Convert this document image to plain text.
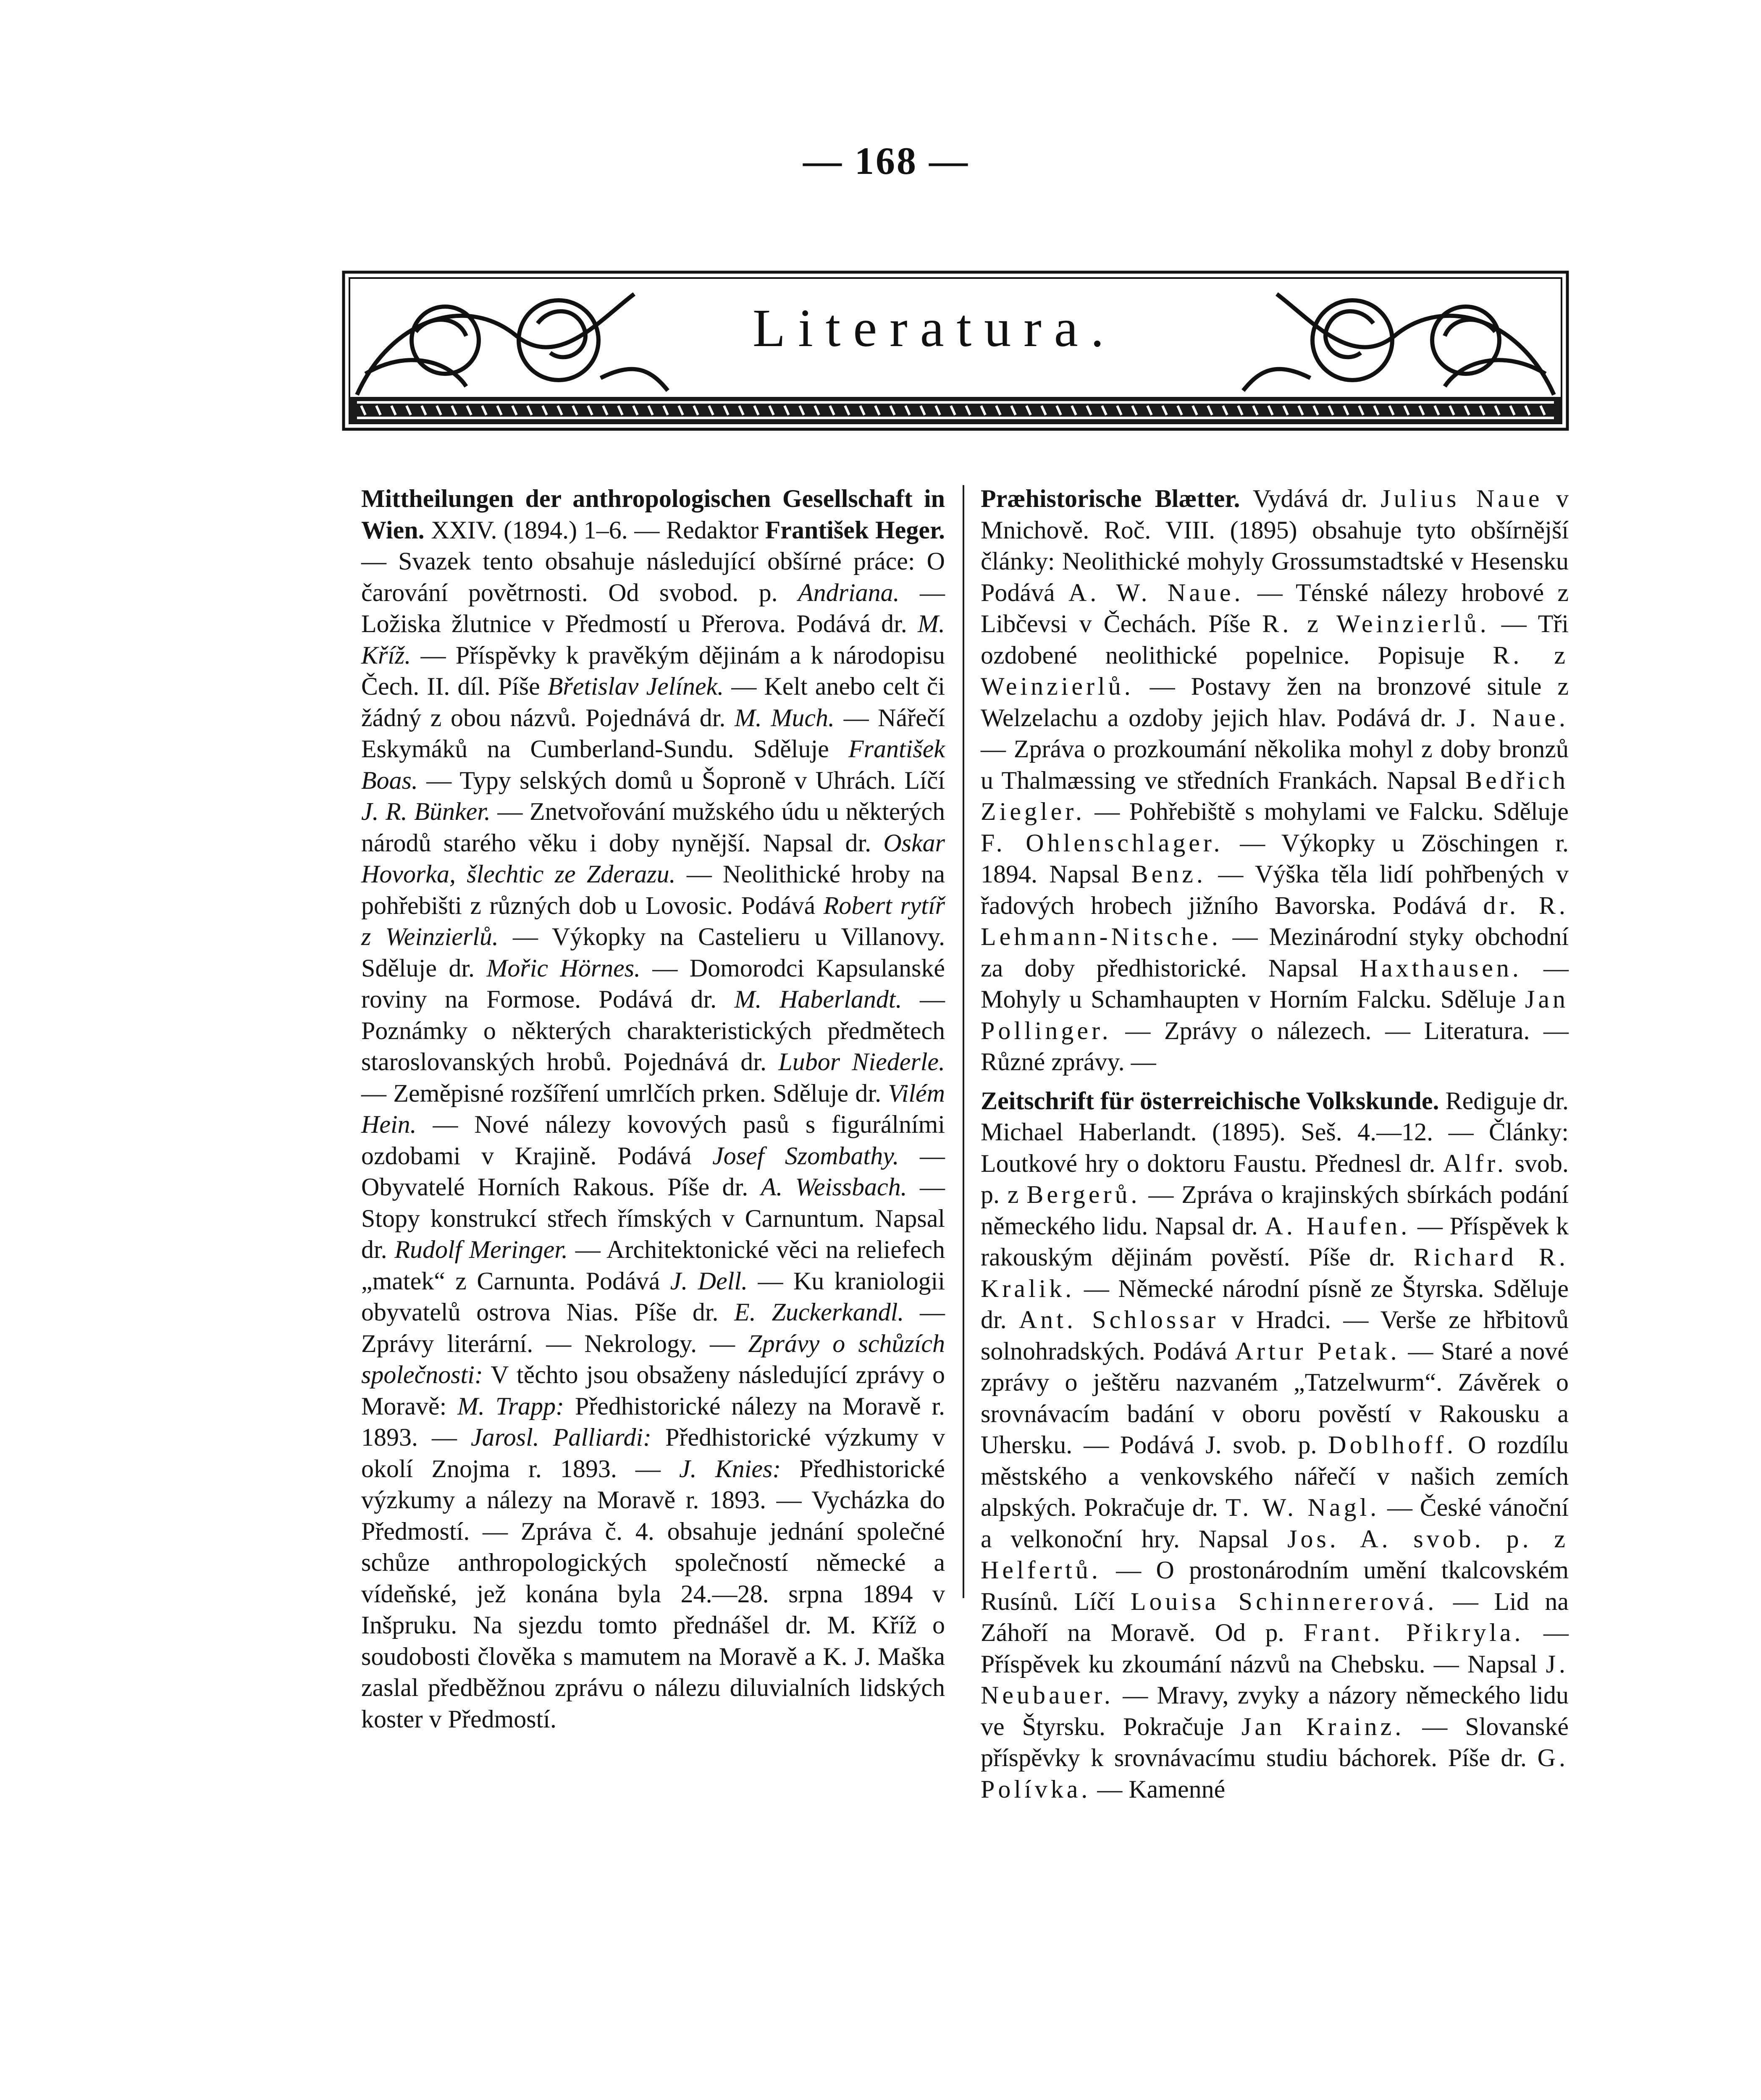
— 168 —
Literatura.

Mittheilungen der anthropologischen Gesellschaft in Wien. XXIV. (1894.) 1–6. — Redaktor František Heger. — Svazek tento obsahuje následující obšírné práce: O čarování povětrnosti. Od svobod. p. Andriana. — Ložiska žlutnice v Předmostí u Přerova. Podává dr. M. Kříž. — Příspěvky k pravěkým dějinám a k národopisu Čech. II. díl. Píše Břetislav Jelínek. — Kelt anebo celt či žádný z obou názvů. Pojednává dr. M. Much. — Nářečí Eskymáků na Cumberland-Sundu. Sděluje František Boas. — Typy selských domů u Šoproně v Uhrách. Líčí J. R. Bünker. — Znetvořování mužského údu u některých národů starého věku i doby nynější. Napsal dr. Oskar Hovorka, šlechtic ze Zderazu. — Neolithické hroby na pohřebišti z různých dob u Lovosic. Podává Robert rytíř z Weinzierlů. — Výkopky na Castelieru u Villanovy. Sděluje dr. Mořic Hörnes. — Domorodci Kapsulanské roviny na Formose. Podává dr. M. Haberlandt. — Poznámky o některých charakteristických předmětech staroslovanských hrobů. Pojednává dr. Lubor Niederle. — Zeměpisné rozšíření umrlčích prken. Sděluje dr. Vilém Hein. — Nové nálezy kovových pasů s figurálními ozdobami v Krajině. Podává Josef Szombathy. — Obyvatelé Horních Rakous. Píše dr. A. Weissbach. — Stopy konstrukcí střech římských v Carnuntum. Napsal dr. Rudolf Meringer. — Architektonické věci na reliefech „matek“ z Carnunta. Podává J. Dell. — Ku kraniologii obyvatelů ostrova Nias. Píše dr. E. Zuckerkandl. — Zprávy literární. — Nekrology. — Zprávy o schůzích společnosti: V těchto jsou obsaženy následující zprávy o Moravě: M. Trapp: Předhistorické nálezy na Moravě r. 1893. — Jarosl. Palliardi: Předhistorické výzkumy v okolí Znojma r. 1893. — J. Knies: Předhistorické výzkumy a nálezy na Moravě r. 1893. — Vycházka do Předmostí. — Zpráva č. 4. obsahuje jednání společné schůze anthropologických společností německé a vídeňské, jež konána byla 24.—28. srpna 1894 v Inšpruku. Na sjezdu tomto přednášel dr. M. Kříž o soudobosti člověka s mamutem na Moravě a K. J. Maška zaslal předběžnou zprávu o nálezu diluvialních lidských koster v Předmostí.

Præhistorische Blætter. Vydává dr. Julius Naue v Mnichově. Roč. VIII. (1895) obsahuje tyto obšírnější články: Neolithické mohyly Grossumstadtské v Hesensku Podává A. W. Naue. — Ténské nálezy hrobové z Libčevsi v Čechách. Píše R. z Weinzierlů. — Tři ozdobené neolithické popelnice. Popisuje R. z Weinzierlů. — Postavy žen na bronzové situle z Welzelachu a ozdoby jejich hlav. Podává dr. J. Naue. — Zpráva o prozkoumání několika mohyl z doby bronzů u Thalmæssing ve středních Frankách. Napsal Bedřich Ziegler. — Pohřebiště s mohylami ve Falcku. Sděluje F. Ohlenschlager. — Výkopky u Zöschingen r. 1894. Napsal Benz. — Výška těla lidí pohřbených v řadových hrobech jižního Bavorska. Podává dr. R. Lehmann-Nitsche. — Mezinárodní styky obchodní za doby předhistorické. Napsal Haxthausen. — Mohyly u Schamhaupten v Horním Falcku. Sděluje Jan Pollinger. — Zprávy o nálezech. — Literatura. — Různé zprávy. —

Zeitschrift für österreichische Volkskunde. Rediguje dr. Michael Haberlandt. (1895). Seš. 4.—12. — Články: Loutkové hry o doktoru Faustu. Přednesl dr. Alfr. svob. p. z Bergerů. — Zpráva o krajinských sbírkách podání německého lidu. Napsal dr. A. Haufen. — Příspěvek k rakouským dějinám pověstí. Píše dr. Richard R. Kralik. — Německé národní písně ze Štyrska. Sděluje dr. Ant. Schlossar v Hradci. — Verše ze hřbitovů solnohradských. Podává Artur Petak. — Staré a nové zprávy o ještěru nazvaném „Tatzelwurm“. Závěrek o srovnávacím badání v oboru pověstí v Rakousku a Uhersku. — Podává J. svob. p. Doblhoff. O rozdílu městského a venkovského nářečí v našich zemích alpských. Pokračuje dr. T. W. Nagl. — České vánoční a velkonoční hry. Napsal Jos. A. svob. p. z Helfertů. — O prostonárodním umění tkalcovském Rusínů. Líčí Louisa Schinnererová. — Lid na Záhoří na Moravě. Od p. Frant. Přikryla. — Příspěvek ku zkoumání názvů na Chebsku. — Napsal J. Neubauer. — Mravy, zvyky a názory německého lidu ve Štyrsku. Pokračuje Jan Krainz. — Slovanské příspěvky k srovnávacímu studiu báchorek. Píše dr. G. Polívka. — Kamenné
